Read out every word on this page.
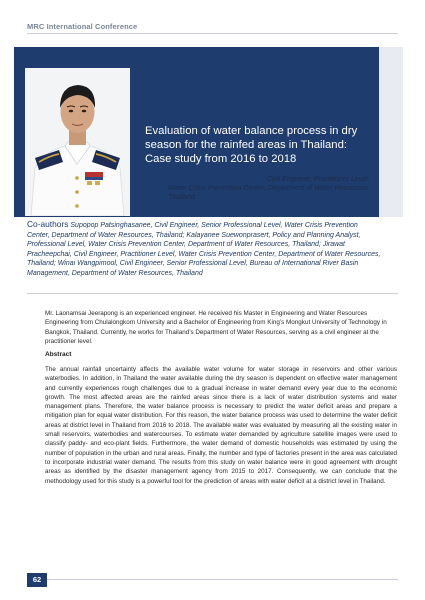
MRC International Conference
Evaluation of water balance process in dry season for the rainfed areas in Thailand: Case study from 2016 to 2018
Mr. Laonamsai Jeerapong, Civil Engineer, Practitioner Level, Water Crisis Prevention Center, Department of Water Resources, Thailand
Co-authors Supopop Patsinghasanee, Civil Engineer, Senior Professional Level, Water Crisis Prevention Center, Department of Water Resources, Thailand; Kalayanee Suewonprasert, Policy and Planning Analyst, Professional Level, Water Crisis Prevention Center, Department of Water Resources, Thailand; Jirawat Pracheepchai, Civil Engineer, Practitioner Level, Water Crisis Prevention Center, Department of Water Resources, Thailand; Winai Wangpimool, Civil Engineer, Senior Professional Level, Bureau of International River Basin Management, Department of Water Resources, Thailand

Mr. Laonamsai Jeerapong is an experienced engineer. He received his Master in Engineering and Water Resources Engineering from Chulalongkorn University and a Bachelor of Engineering from King’s Mongkut University of Technology in Bangkok, Thailand. Currently, he works for Thailand’s Department of Water Resources, serving as a civil engineer at the practitioner level.

Abstract

The annual rainfall uncertainty affects the available water volume for water storage in reservoirs and other various waterbodies. In addition, in Thailand the water available during the dry season is dependent on effective water management and currently experiences rough challenges due to a gradual increase in water demand every year due to the economic growth. The most affected areas are the rainfed areas since there is a lack of water distribution systems and water management plans. Therefore, the water balance process is necessary to predict the water deficit areas and prepare a mitigation plan for equal water distribution. For this reason, the water balance process was used to determine the water deficit areas at district level in Thailand from 2016 to 2018. The available water was evaluated by measuring all the existing water in small reservoirs, waterbodies and watercourses. To estimate water demanded by agriculture satellite images were used to classify paddy- and eco-plant fields. Furthermore, the water demand of domestic households was estimated by using the number of population in the urban and rural areas. Finally, the number and type of factories present in the area was calculated to incorporate industrial water demand. The results from this study on water balance were in good agreement with drought areas as identified by the disaster management agency from 2015 to 2017. Consequently, we can conclude that the methodology used for this study is a powerful tool for the prediction of areas with water deficit at a district level in Thailand.

62
